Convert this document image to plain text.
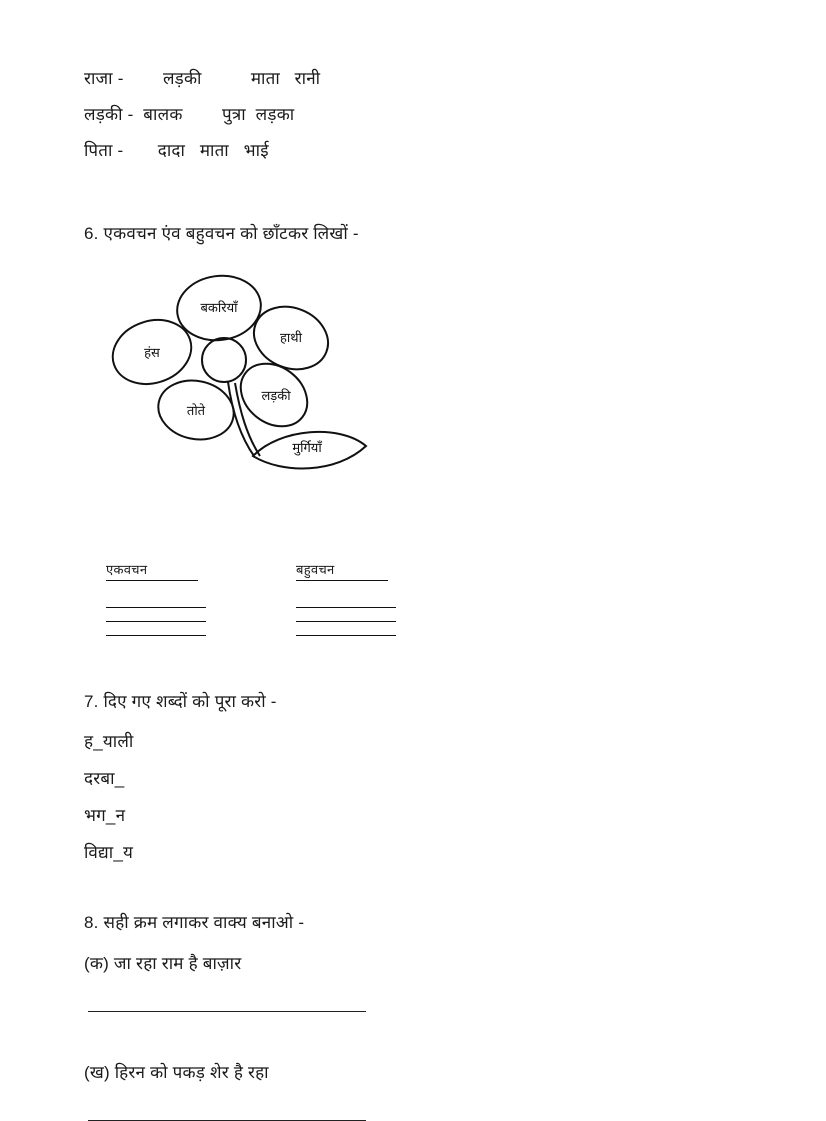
राजा -        लड़की          माता   रानी
लड़की -  बालक        पुत्रा  लड़का
पिता -       दादा   माता   भाई
6. एकवचन एंव बहुवचन को छाँटकर लिखों -
बकरियाँ
हाथी
हंस
लड़की
तोते
मुर्गियाँ
एकवचन	बहुवचन
7. दिए गए शब्दों को पूरा करो -
ह_याली
दरबा_
भग_न
विद्या_य
8. सही क्रम लगाकर वाक्य बनाओ -
(क) जा रहा राम है बाज़ार
(ख) हिरन को पकड़ शेर है रहा
